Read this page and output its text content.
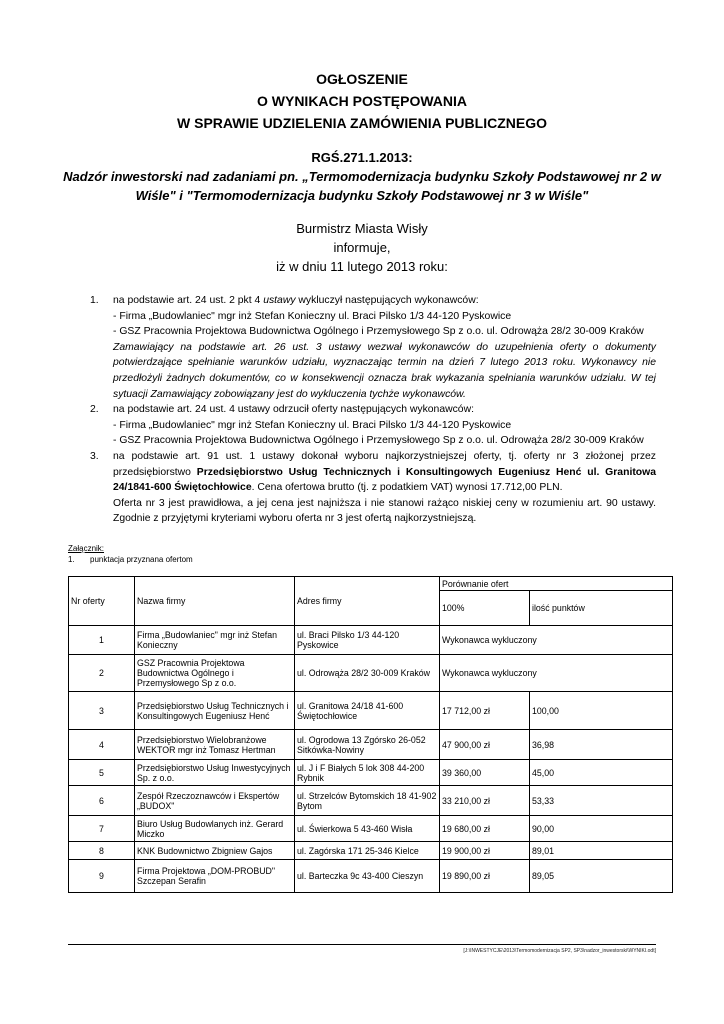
OGŁOSZENIE
O WYNIKACH POSTĘPOWANIA
W SPRAWIE UDZIELENIA ZAMÓWIENIA PUBLICZNEGO
RGŚ.271.1.2013:
Nadzór inwestorski nad zadaniami pn. „Termomodernizacja budynku Szkoły Podstawowej nr 2 w Wiśle" i "Termomodernizacja budynku Szkoły Podstawowej nr 3 w Wiśle"
Burmistrz Miasta Wisły
informuje,
iż w dniu 11 lutego 2013 roku:
1. na podstawie art. 24 ust. 2 pkt 4 ustawy wykluczył następujących wykonawców:
- Firma „Budowlaniec" mgr inż Stefan Konieczny ul. Braci Pilsko 1/3 44-120 Pyskowice
- GSZ Pracownia Projektowa Budownictwa Ogólnego i Przemysłowego Sp z o.o. ul. Odrowąża 28/2 30-009 Kraków
Zamawiający na podstawie art. 26 ust. 3 ustawy wezwał wykonawców do uzupełnienia oferty o dokumenty potwierdzające spełnianie warunków udziału, wyznaczając termin na dzień 7 lutego 2013 roku. Wykonawcy nie przedłożyli żadnych dokumentów, co w konsekwencji oznacza brak wykazania spełniania warunków udziału. W tej sytuacji Zamawiający zobowiązany jest do wykluczenia tychże wykonawców.
2. na podstawie art. 24 ust. 4 ustawy odrzucił oferty następujących wykonawców:
- Firma „Budowlaniec" mgr inż Stefan Konieczny ul. Braci Pilsko 1/3 44-120 Pyskowice
- GSZ Pracownia Projektowa Budownictwa Ogólnego i Przemysłowego Sp z o.o. ul. Odrowąża 28/2 30-009 Kraków
3. na podstawie art. 91 ust. 1 ustawy dokonał wyboru najkorzystniejszej oferty, tj. oferty nr 3 złożonej przez przedsiębiorstwo Przedsiębiorstwo Usług Technicznych i Konsultingowych Eugeniusz Henć ul. Granitowa 24/1841-600 Świętochłowice. Cena ofertowa brutto (tj. z podatkiem VAT) wynosi 17.712,00 PLN.
Oferta nr 3 jest prawidłowa, a jej cena jest najniższa i nie stanowi rażąco niskiej ceny w rozumieniu art. 90 ustawy. Zgodnie z przyjętymi kryteriami wyboru oferta nr 3 jest ofertą najkorzystniejszą.
Załącznik:
1. punktacja przyznana ofertom
Nr oferty	Nazwa firmy	Adres firmy	Porównanie ofert	
			100%	ilość punktów
1	Firma „Budowlaniec" mgr inż Stefan Konieczny	ul. Braci Pilsko 1/3 44-120 Pyskowice	Wykonawca wykluczony	
2	GSZ Pracownia Projektowa Budownictwa Ogólnego i Przemysłowego Sp z o.o.	ul. Odrowąża 28/2 30-009 Kraków	Wykonawca wykluczony	
3	Przedsiębiorstwo Usług Technicznych i Konsultingowych Eugeniusz Henć	ul. Granitowa 24/18 41-600 Świętochłowice	17 712,00 zł	100,00
4	Przedsiębiorstwo Wielobranżowe WEKTOR mgr inż Tomasz Hertman	ul. Ogrodowa 13 Zgórsko 26-052 Sitkówka-Nowiny	47 900,00 zł	36,98
5	Przedsiębiorstwo Usług Inwestycyjnych Sp. z o.o.	ul. J i F Białych 5 lok 308 44-200 Rybnik	39 360,00	45,00
6	Zespół Rzeczoznawców i Ekspertów „BUDOX"	ul. Strzelców Bytomskich 18 41-902 Bytom	33 210,00 zł	53,33
7	Biuro Usług Budowlanych inż. Gerard Miczko	ul. Świerkowa 5 43-460 Wisła	19 680,00 zł	90,00
8	KNK Budownictwo Zbigniew Gajos	ul. Zagórska 171 25-346 Kielce	19 900,00 zł	89,01
9	Firma Projektowa „DOM-PROBUD" Szczepan Serafin	ul. Barteczka 9c 43-400 Cieszyn	19 890,00 zł	89,05
[J:\INWESTYCJE\2013\Termomodernizacja SP2, SP3\nadzor_inwestorski\WYNIKI.odt]
